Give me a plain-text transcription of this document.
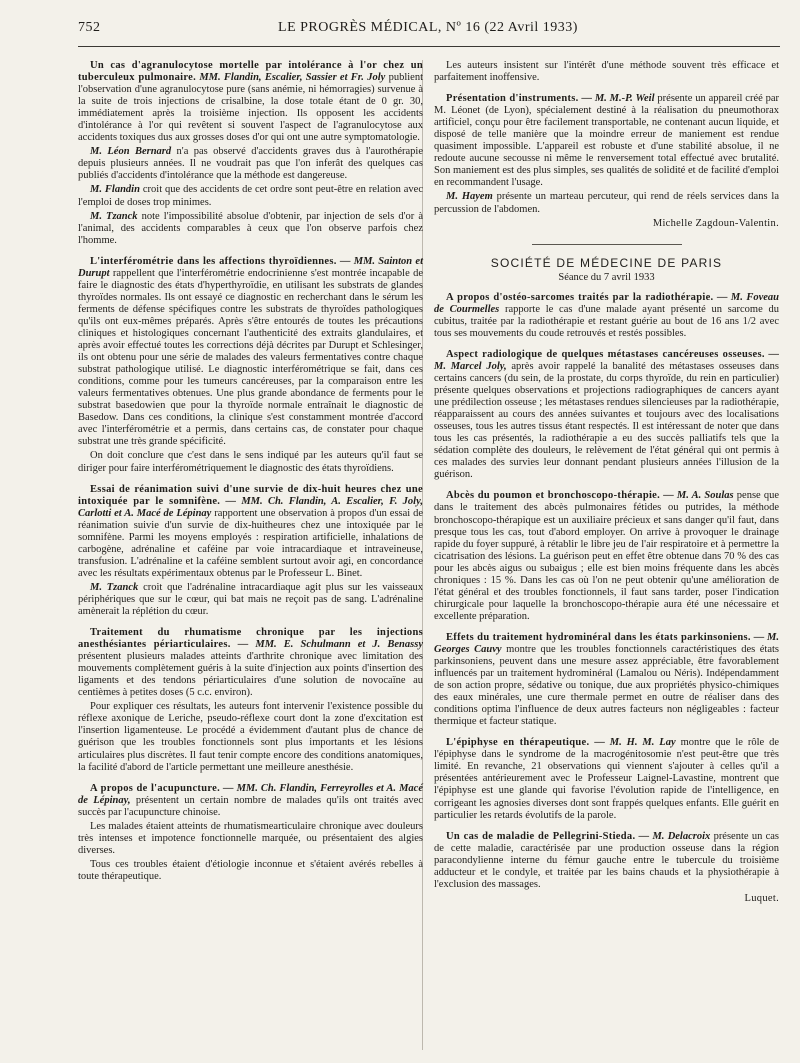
752	LE PROGRÈS MÉDICAL, Nº 16 (22 Avril 1933)

Un cas d'agranulocytose mortelle par intolérance à l'or chez un tuberculeux pulmonaire. MM. Flandin, Escalier, Sassier et Fr. Joly publient l'observation d'une agranulocytose pure (sans anémie, ni hémorragies) survenue à la suite de trois injections de crisalbine, la dose totale étant de 0 gr. 30, immédiatement après la troisième injection. Ils opposent les accidents d'intolérance à l'or qui revêtent si souvent l'aspect de l'agranulocytose aux accidents toxiques dus aux grosses doses d'or qui ont une autre symptomatologie.

M. Léon Bernard n'a pas observé d'accidents graves dus à l'aurothérapie depuis plusieurs années. Il ne voudrait pas que l'on inferât des quelques cas publiés d'accidents d'intolérance que la méthode est dangereuse.

M. Flandin croit que des accidents de cet ordre sont peut-être en relation avec l'emploi de doses trop minimes.

M. Tzanck note l'impossibilité absolue d'obtenir, par injection de sels d'or à l'animal, des accidents comparables à ceux que l'on observe parfois chez l'homme.

L'interférométrie dans les affections thyroïdiennes. — MM. Sainton et Durupt rappellent que l'interférométrie endocrinienne s'est montrée incapable de faire le diagnostic des états d'hyperthyroïdie, en utilisant les substrats de glandes thyroïdes normales. Ils ont essayé ce diagnostic en recherchant dans le sérum les ferments de défense spécifiques contre les substrats de thyroïdes pathologiques qu'ils ont eux-mêmes préparés. Après s'être entourés de toutes les précautions cliniques et histologiques concernant l'authenticité des extraits glandulaires, et après avoir effectué toutes les corrections déjà décrites par Durupt et Schlesinger, ils ont obtenu pour une série de malades des valeurs fermentatives contre chaque substrat pathologique utilisé. Le diagnostic interférométrique se fait, dans ces conditions, comme pour les tumeurs cancéreuses, par la comparaison entre les valeurs fermentatives obtenues. Une plus grande abondance de ferments pour le substrat basedowien que pour la thyroïde normale entraînait le diagnostic de Basedow. Dans ces conditions, la clinique s'est constamment montrée d'accord avec l'interférométrie et a permis, dans certains cas, de constater pour chaque substrat une très grande spécificité.

On doit conclure que c'est dans le sens indiqué par les auteurs qu'il faut se diriger pour faire interférométriquement le diagnostic des états thyroïdiens.

Essai de réanimation suivi d'une survie de dix-huit heures chez une intoxiquée par le somnifène. — MM. Ch. Flandin, A. Escalier, F. Joly, Carlotti et A. Macé de Lépinay rapportent une observation à propos d'un essai de réanimation suivie d'un survie de dix-huitheures chez une intoxiquée par le somnifène. Parmi les moyens employés : respiration artificielle, inhalations de carbogène, adrénaline et caféine par voie intracardiaque et intraveineuse, transfusion. L'adrénaline et la caféine semblent surtout avoir agi, en concordance avec les résultats expérimentaux obtenus par le Professeur L. Binet.

M. Tzanck croit que l'adrénaline intracardiaque agit plus sur les vaisseaux périphériques que sur le cœur, qui bat mais ne reçoit pas de sang. L'adrénaline amènerait la réplétion du cœur.

Traitement du rhumatisme chronique par les injections anesthésiantes périarticulaires. — MM. E. Schulmann et J. Benassy présentent plusieurs malades atteints d'arthrite chronique avec limitation des mouvements complètement guéris à la suite d'injection aux points d'insertion des ligaments et des tendons périarticulaires d'une solution de novocaïne au centièmes à petites doses (5 c.c. environ).

Pour expliquer ces résultats, les auteurs font intervenir l'existence possible du réflexe axonique de Leriche, pseudo-réflexe court dont la zone d'excitation est l'insertion ligamenteuse. Le procédé a évidemment d'autant plus de chance de guérison que les troubles fonctionnels sont plus importants et les lésions articulaires plus discrètes. Il faut tenir compte encore des conditions anatomiques, la facilité d'abord de l'article permettant une meilleure anesthésie.

A propos de l'acupuncture. — MM. Ch. Flandin, Ferreyrolles et A. Macé de Lépinay, présentent un certain nombre de malades qu'ils ont traités avec succès par l'acupuncture chinoise.

Les malades étaient atteints de rhumatismearticulaire chronique avec douleurs très intenses et impotence fonctionnelle marquée, ou présentaient des algies diverses.

Tous ces troubles étaient d'étiologie inconnue et s'étaient avérés rebelles à toute thérapeutique.

Les auteurs insistent sur l'intérêt d'une méthode souvent très efficace et parfaitement inoffensive.

Présentation d'instruments. — M. M.-P. Weil présente un appareil créé par M. Léonet (de Lyon), spécialement destiné à la réalisation du pneumothorax artificiel, conçu pour être facilement transportable, ne contenant aucun liquide, et disposé de telle manière que la moindre erreur de maniement est rendue quasiment impossible. L'appareil est robuste et d'une stabilité absolue, il ne redoute aucune secousse ni même le renversement total effectué avec brutalité. Son maniement est des plus simples, ses qualités de solidité et de facilité d'emploi en recommandent l'usage.

M. Hayem présente un marteau percuteur, qui rend de réels services dans la percussion de l'abdomen.

Michelle Zagdoun-Valentin.
SOCIÉTÉ DE MÉDECINE DE PARIS
Séance du 7 avril 1933

A propos d'ostéo-sarcomes traités par la radiothérapie. — M. Foveau de Courmelles rapporte le cas d'une malade ayant présenté un sarcome du cubitus, traitée par la radiothérapie et restant guérie au bout de 16 ans 1/2 avec tous ses mouvements du coude retrouvés et restés possibles.

Aspect radiologique de quelques métastases cancéreuses osseuses. — M. Marcel Joly, après avoir rappelé la banalité des métastases osseuses dans certains cancers (du sein, de la prostate, du corps thyroïde, du rein en particulier) présente quelques observations et projections radiographiques de cancers ayant une prédilection osseuse ; les métastases rendues silencieuses par la radiothérapie, réapparaissent au cours des années suivantes et toujours avec des localisations osseuses, tous les autres tissus étant respectés. Il est intéressant de noter que dans tous les cas présentés, la radiothérapie a eu des succès palliatifs tels que la sédation complète des douleurs, le relèvement de l'état général qui ont permis à ces malades des survies leur donnant pendant plusieurs années l'illusion de la guérison.

Abcès du poumon et bronchoscopo-thérapie. — M. A. Soulas pense que dans le traitement des abcès pulmonaires fétides ou putrides, la méthode bronchoscopo-thérapique est un auxiliaire précieux et sans danger qu'il faut, dans presque tous les cas, tout d'abord employer. On arrive à provoquer le drainage rapide du foyer suppuré, à rétablir le libre jeu de l'air respiratoire et à permettre la cicatrisation des lésions. La guérison peut en effet être obtenue dans 70 % des cas pour les abcès aigus ou subaigus ; elle est bien moins fréquente dans les abcès chroniques : 15 %. Dans les cas où l'on ne peut obtenir qu'une amélioration de l'état général et des troubles fonctionnels, il faut sans tarder, poser l'indication chirurgicale pour laquelle la bronchoscopo-thérapie aura été une nécessaire et excellente préparation.

Effets du traitement hydrominéral dans les états parkinsoniens. — M. Georges Cauvy montre que les troubles fonctionnels caractéristiques des états parkinsoniens, peuvent dans une mesure assez appréciable, être favorablement influencés par un traitement hydrominéral (Lamalou ou Néris). Indépendamment de son action propre, sédative ou tonique, due aux propriétés physico-chimiques des eaux minérales, une cure thermale permet en outre de réaliser dans des conditions optima l'influence de deux autres facteurs non négligeables : facteur thermique et facteur statique.

L'épiphyse en thérapeutique. — M. H. M. Lay montre que le rôle de l'épiphyse dans le syndrome de la macrogénitosomie n'est peut-être que très limité. En revanche, 21 observations qui viennent s'ajouter à celles qu'il a présentées antérieurement avec le Professeur Laignel-Lavastine, montrent que l'épiphyse est une glande qui favorise l'évolution rapide de l'intelligence, en corrigeant les agnosies diverses dont sont frappés quelques enfants. Elle guérit en particulier les retards évolutifs de la parole.

Un cas de maladie de Pellegrini-Stieda. — M. Delacroix présente un cas de cette maladie, caractérisée par une production osseuse dans la région paracondylienne interne du fémur gauche entre le tubercule du troisième adducteur et le condyle, et traitée par les bains chauds et la physiothérapie à l'exclusion des massages.

Luquet.
